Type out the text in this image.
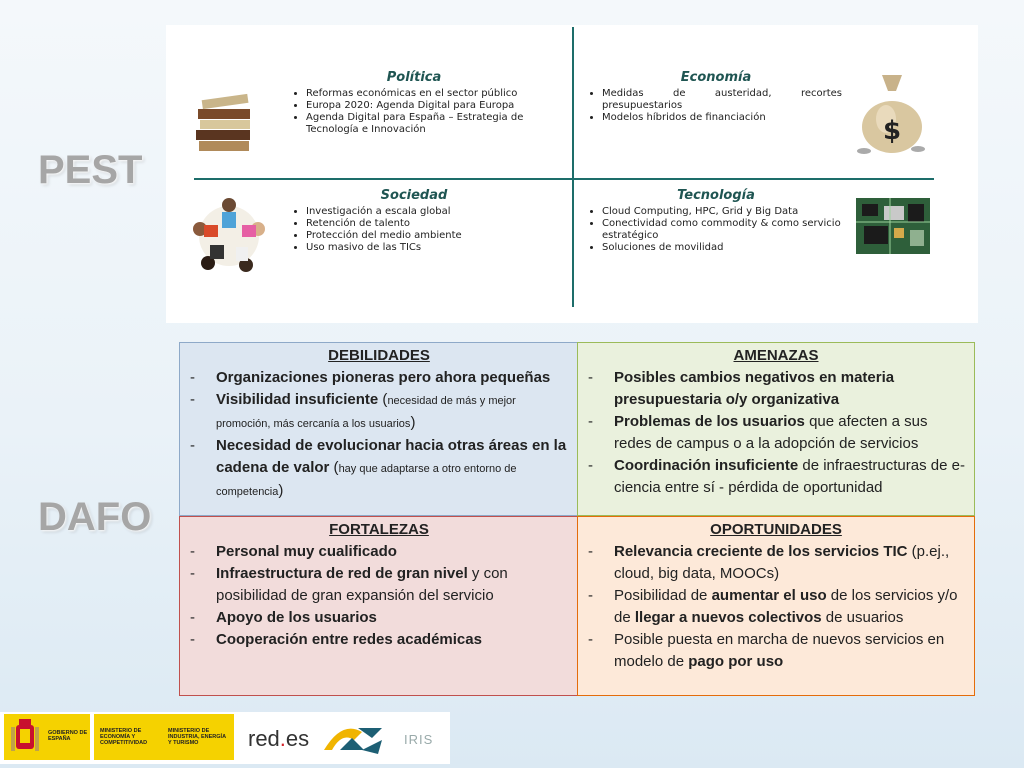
PEST
DAFO
$
Política
• Reformas económicas en el sector público
• Europa 2020: Agenda Digital para Europa
• Agenda Digital para España – Estrategia de Tecnología e Innovación
Economía
• Medidas de austeridad, recortes presupuestarios
• Modelos híbridos de financiación
Sociedad
• Investigación a escala global
• Retención de talento
• Protección del medio ambiente
• Uso masivo de las TICs
Tecnología
• Cloud Computing, HPC, Grid y Big Data
• Conectividad como commodity & como servicio estratégico
• Soluciones de movilidad
DEBILIDADES
- Organizaciones pioneras pero ahora pequeñas
- Visibilidad insuficiente (necesidad de más y mejor promoción, más cercanía a los usuarios)
- Necesidad de evolucionar hacia otras áreas en la cadena de valor (hay que adaptarse a otro entorno de competencia)
AMENAZAS
- Posibles cambios negativos en materia presupuestaria o/y organizativa
- Problemas de los usuarios que afecten a sus redes de campus o a la adopción de servicios
- Coordinación insuficiente de infraestructuras de e-ciencia entre sí - pérdida de oportunidad
FORTALEZAS
- Personal muy cualificado
- Infraestructura de red de gran nivel y con posibilidad de gran expansión del servicio
- Apoyo de los usuarios
- Cooperación entre redes académicas
OPORTUNIDADES
- Relevancia creciente de los servicios TIC (p.ej., cloud, big data, MOOCs)
- Posibilidad de aumentar el uso de los servicios y/o de llegar a nuevos colectivos de usuarios
- Posible puesta en marcha de nuevos servicios en modelo de pago por uso
GOBIERNO DE ESPAÑA
MINISTERIO DE ECONOMÍA Y COMPETITIVIDAD
MINISTERIO DE INDUSTRIA, ENERGÍA Y TURISMO	red.es	IRIS
